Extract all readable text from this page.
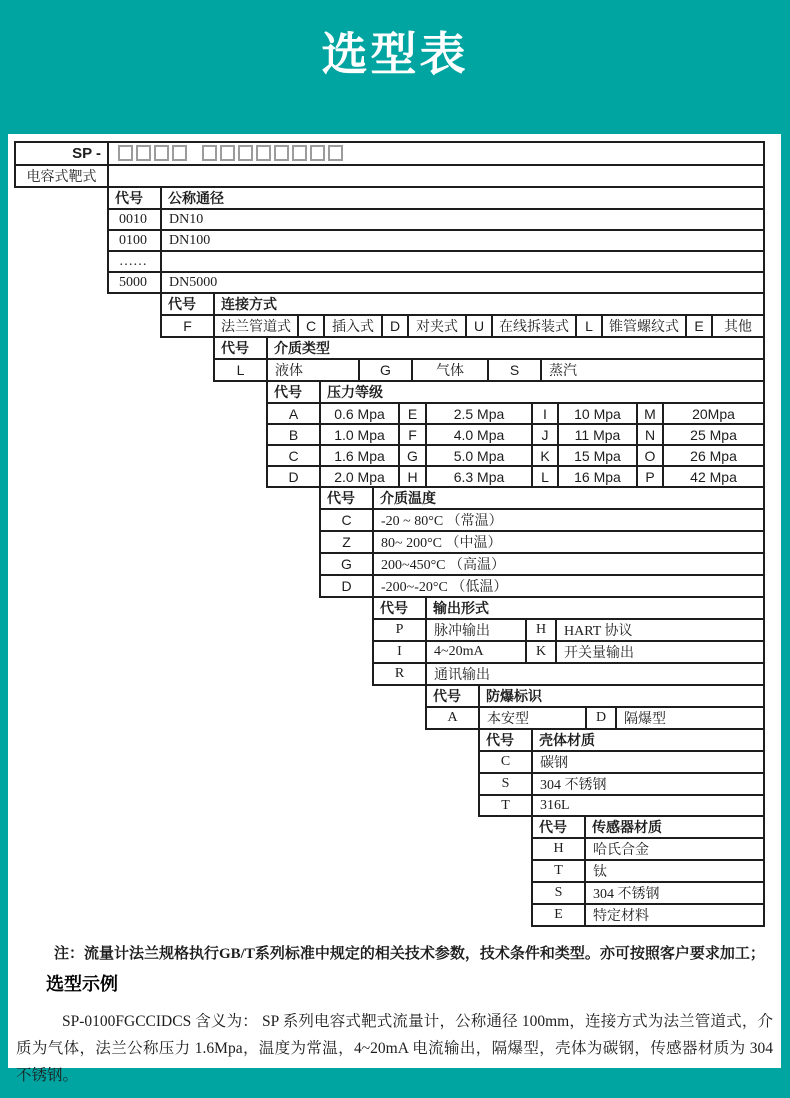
选型表
SP -	

电容式靶式	
代号	公称通径
0010	DN10
0100	DN100
……	
5000	DN5000
代号	连接方式										
F	法兰管道式	C	插入式	D	对夹式	U	在线拆装式	L	锥管螺纹式	E	其他
代号	介质类型				
L	液体	G	气体	S	蒸汽
代号	压力等级						
A	0.6 Mpa	E	2.5 Mpa	I	10 Mpa	M	20Mpa
B	1.0 Mpa	F	4.0 Mpa	J	11 Mpa	N	25 Mpa
C	1.6 Mpa	G	5.0 Mpa	K	15 Mpa	O	26 Mpa
D	2.0 Mpa	H	6.3 Mpa	L	16 Mpa	P	42 Mpa
代号	介质温度
C	-20 ~ 80°C （常温）
Z	80~ 200°C （中温）
G	200~450°C （高温）
D	-200~-20°C （低温）
代号	输出形式		
P	脉冲输出	H	HART 协议
I	4~20mA	K	开关量输出
R	通讯输出		
代号	防爆标识		
A	本安型	D	隔爆型
代号	壳体材质
C	碳钢
S	304 不锈钢
T	316L
代号	传感器材质
H	哈氏合金
T	钛
S	304 不锈钢
E	特定材料

注：流量计法兰规格执行GB/T系列标准中规定的相关技术参数，技术条件和类型。亦可按照客户要求加工；

选型示例

SP-0100FGCCIDCS 含义为： SP 系列电容式靶式流量计，公称通径 100mm，连接方式为法兰管道式，介质为气体，法兰公称压力 1.6Mpa，温度为常温，4~20mA 电流输出，隔爆型，壳体为碳钢，传感器材质为 304 不锈钢。
